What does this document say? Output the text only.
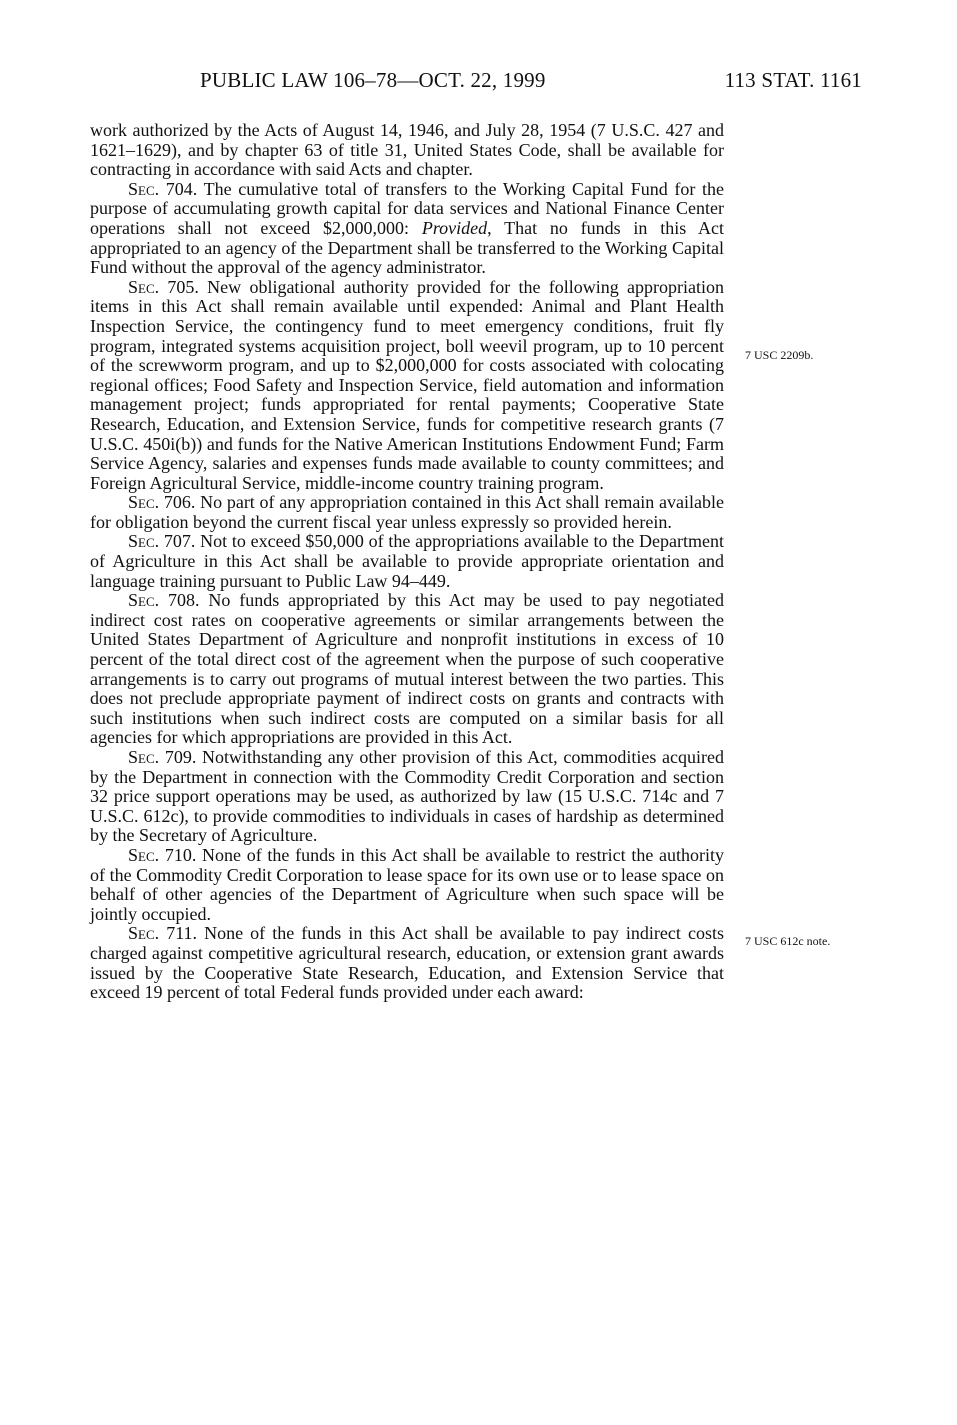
PUBLIC LAW 106–78—OCT. 22, 1999	113 STAT. 1161

work authorized by the Acts of August 14, 1946, and July 28, 1954 (7 U.S.C. 427 and 1621–1629), and by chapter 63 of title 31, United States Code, shall be available for contracting in accordance with said Acts and chapter.

Sec. 704. The cumulative total of transfers to the Working Capital Fund for the purpose of accumulating growth capital for data services and National Finance Center operations shall not exceed $2,000,000: Provided, That no funds in this Act appropriated to an agency of the Department shall be transferred to the Working Capital Fund without the approval of the agency administrator.

Sec. 705. New obligational authority provided for the following appropriation items in this Act shall remain available until expended: Animal and Plant Health Inspection Service, the contingency fund to meet emergency conditions, fruit fly program, integrated systems acquisition project, boll weevil program, up to 10 percent of the screwworm program, and up to $2,000,000 for costs associated with colocating regional offices; Food Safety and Inspection Service, field automation and information management project; funds appropriated for rental payments; Cooperative State Research, Education, and Extension Service, funds for competitive research grants (7 U.S.C. 450i(b)) and funds for the Native American Institutions Endowment Fund; Farm Service Agency, salaries and expenses funds made available to county committees; and Foreign Agricultural Service, middle-income country training program.

Sec. 706. No part of any appropriation contained in this Act shall remain available for obligation beyond the current fiscal year unless expressly so provided herein.

Sec. 707. Not to exceed $50,000 of the appropriations available to the Department of Agriculture in this Act shall be available to provide appropriate orientation and language training pursuant to Public Law 94–449.

Sec. 708. No funds appropriated by this Act may be used to pay negotiated indirect cost rates on cooperative agreements or similar arrangements between the United States Department of Agriculture and nonprofit institutions in excess of 10 percent of the total direct cost of the agreement when the purpose of such cooperative arrangements is to carry out programs of mutual interest between the two parties. This does not preclude appropriate payment of indirect costs on grants and contracts with such institutions when such indirect costs are computed on a similar basis for all agencies for which appropriations are provided in this Act.

Sec. 709. Notwithstanding any other provision of this Act, commodities acquired by the Department in connection with the Commodity Credit Corporation and section 32 price support operations may be used, as authorized by law (15 U.S.C. 714c and 7 U.S.C. 612c), to provide commodities to individuals in cases of hardship as determined by the Secretary of Agriculture.

Sec. 710. None of the funds in this Act shall be available to restrict the authority of the Commodity Credit Corporation to lease space for its own use or to lease space on behalf of other agencies of the Department of Agriculture when such space will be jointly occupied.

Sec. 711. None of the funds in this Act shall be available to pay indirect costs charged against competitive agricultural research, education, or extension grant awards issued by the Cooperative State Research, Education, and Extension Service that exceed 19 percent of total Federal funds provided under each award:

7 USC 2209b.
7 USC 612c note.
